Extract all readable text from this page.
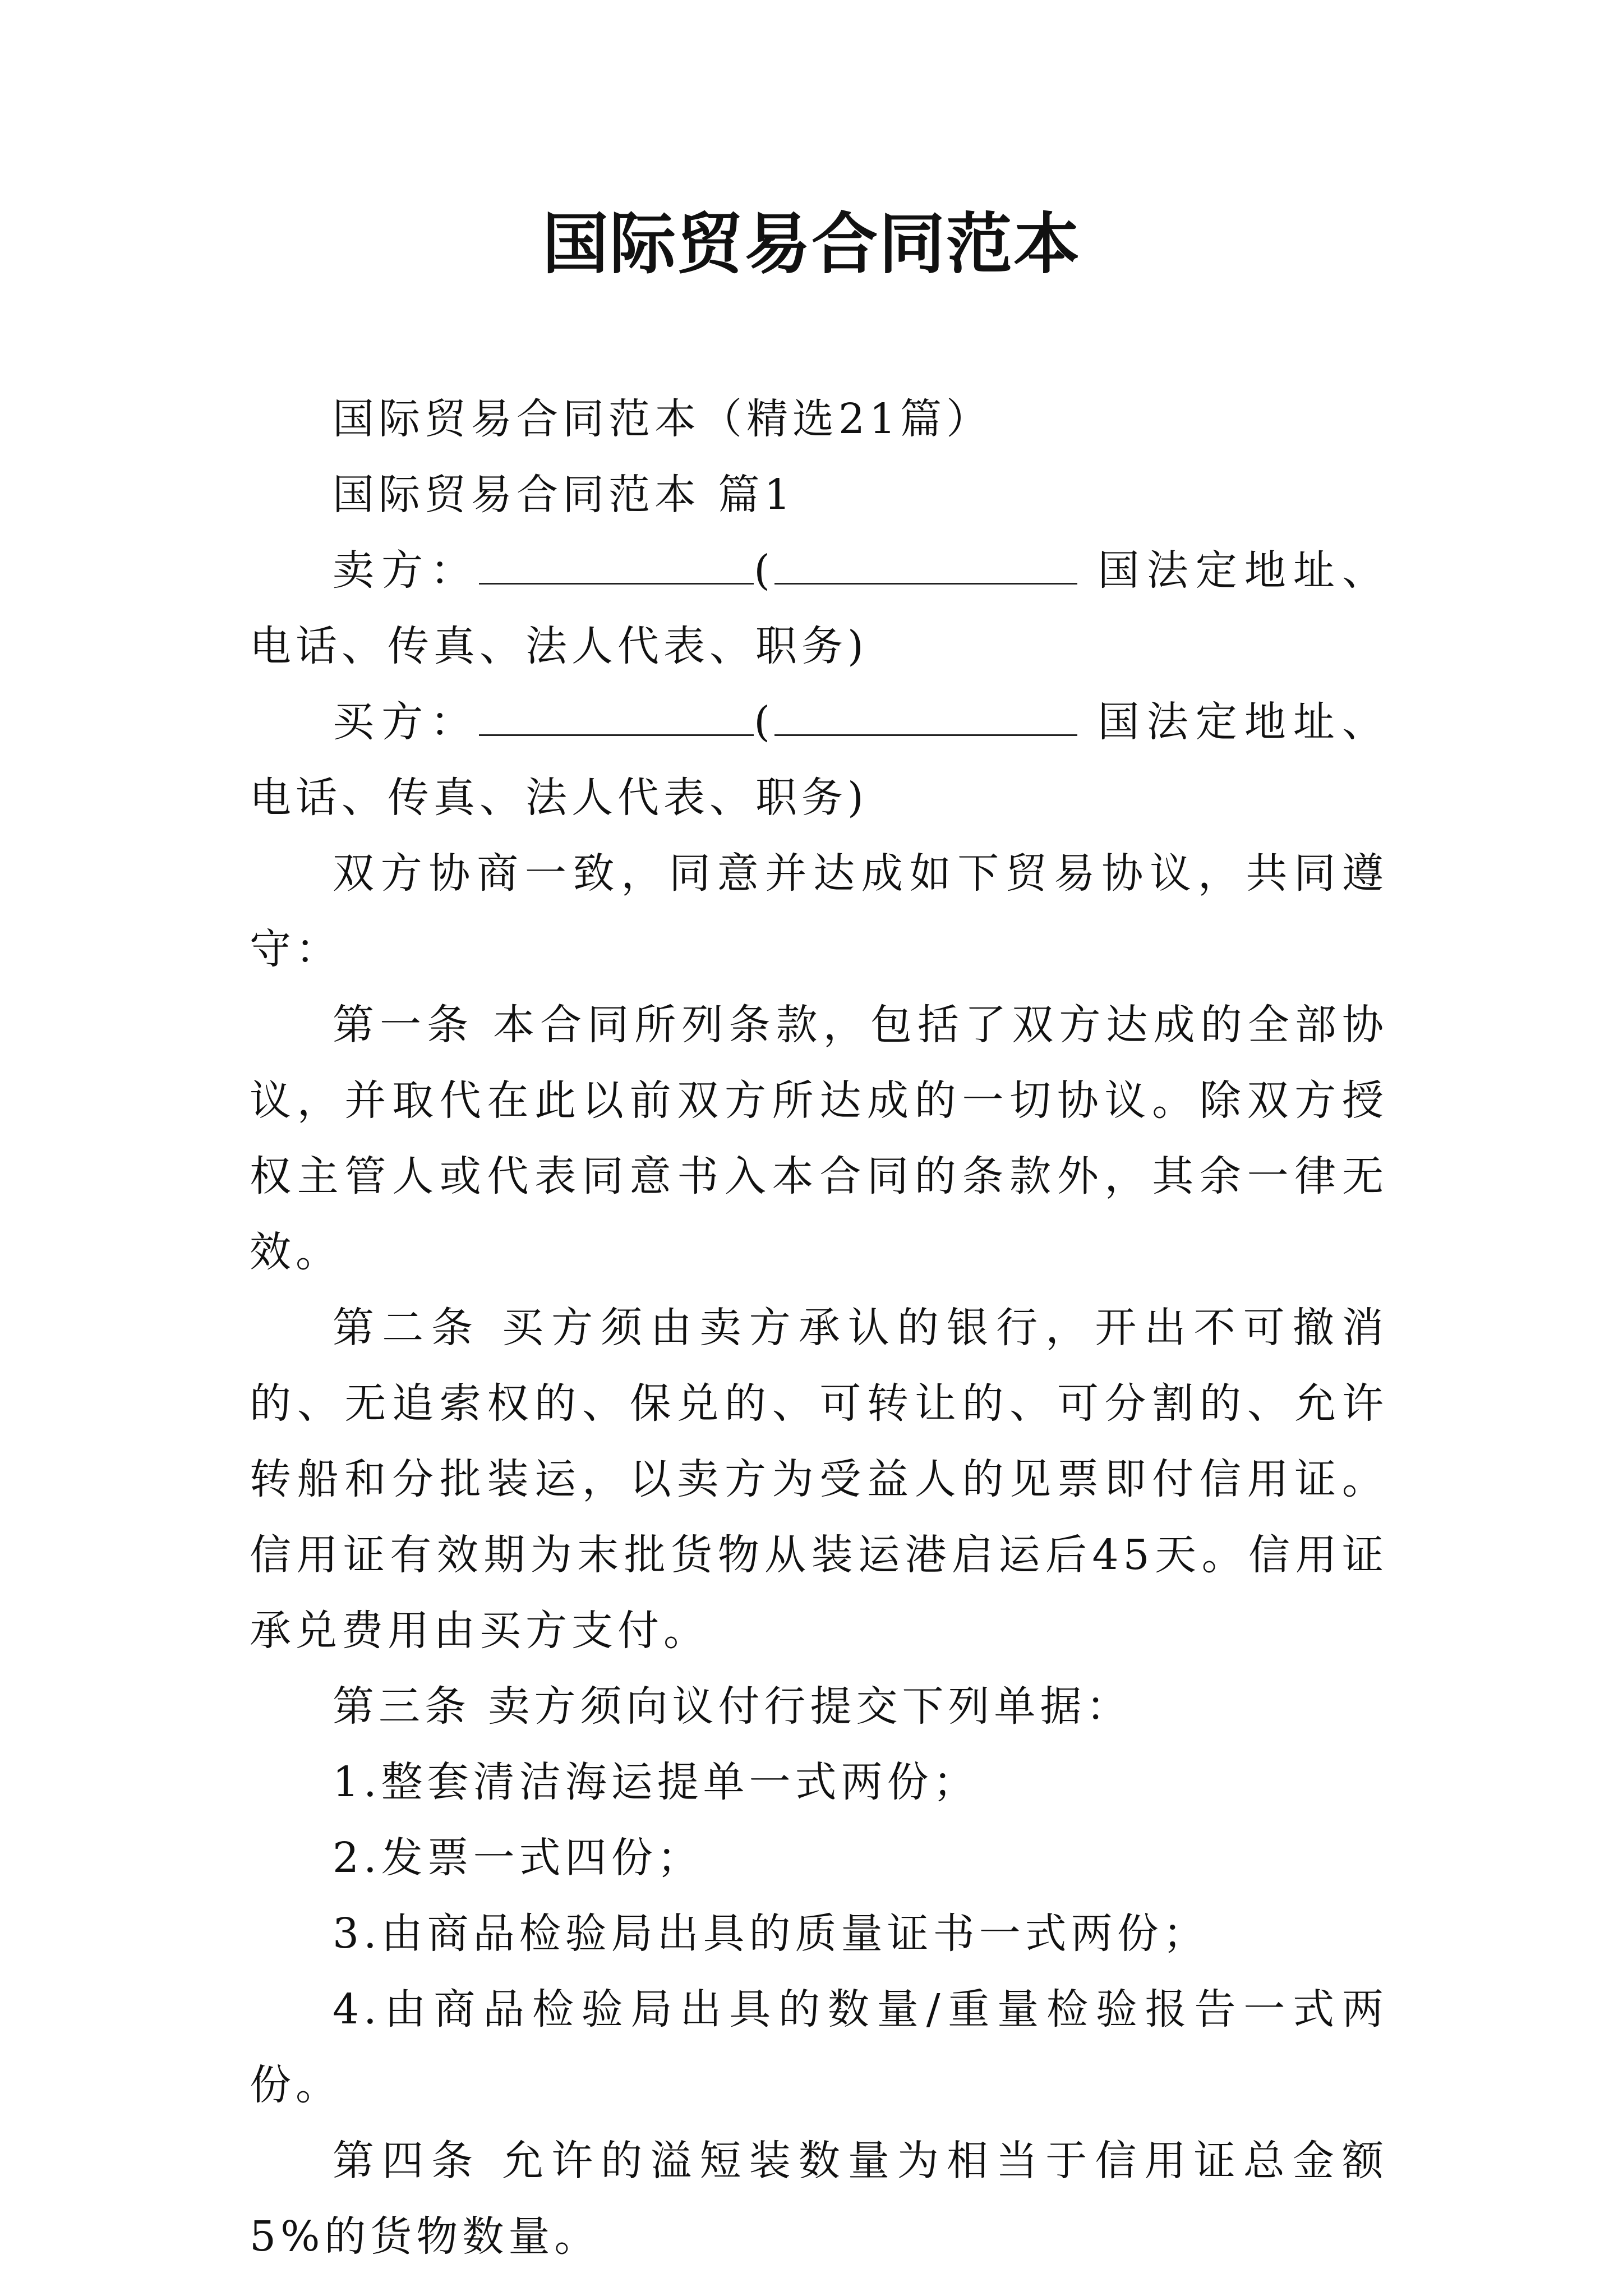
国际贸易合同范本

国际贸易合同范本（精选21篇）

国际贸易合同范本 篇1

卖方：	(	国法定地址、电话、传真、法人代表、职务)

买方：	(	国法定地址、电话、传真、法人代表、职务)

双方协商一致，同意并达成如下贸易协议，共同遵守：

第一条 本合同所列条款，包括了双方达成的全部协议，并取代在此以前双方所达成的一切协议。除双方授权主管人或代表同意书入本合同的条款外，其余一律无效。

第二条 买方须由卖方承认的银行，开出不可撤消的、无追索权的、保兑的、可转让的、可分割的、允许转船和分批装运，以卖方为受益人的见票即付信用证。信用证有效期为末批货物从装运港启运后45天。信用证承兑费用由买方支付。

第三条 卖方须向议付行提交下列单据：

1.整套清洁海运提单一式两份；

2.发票一式四份；

3.由商品检验局出具的质量证书一式两份；

4.由商品检验局出具的数量/重量检验报告一式两份。

第四条 允许的溢短装数量为相当于信用证总金额5%的货物数量。
